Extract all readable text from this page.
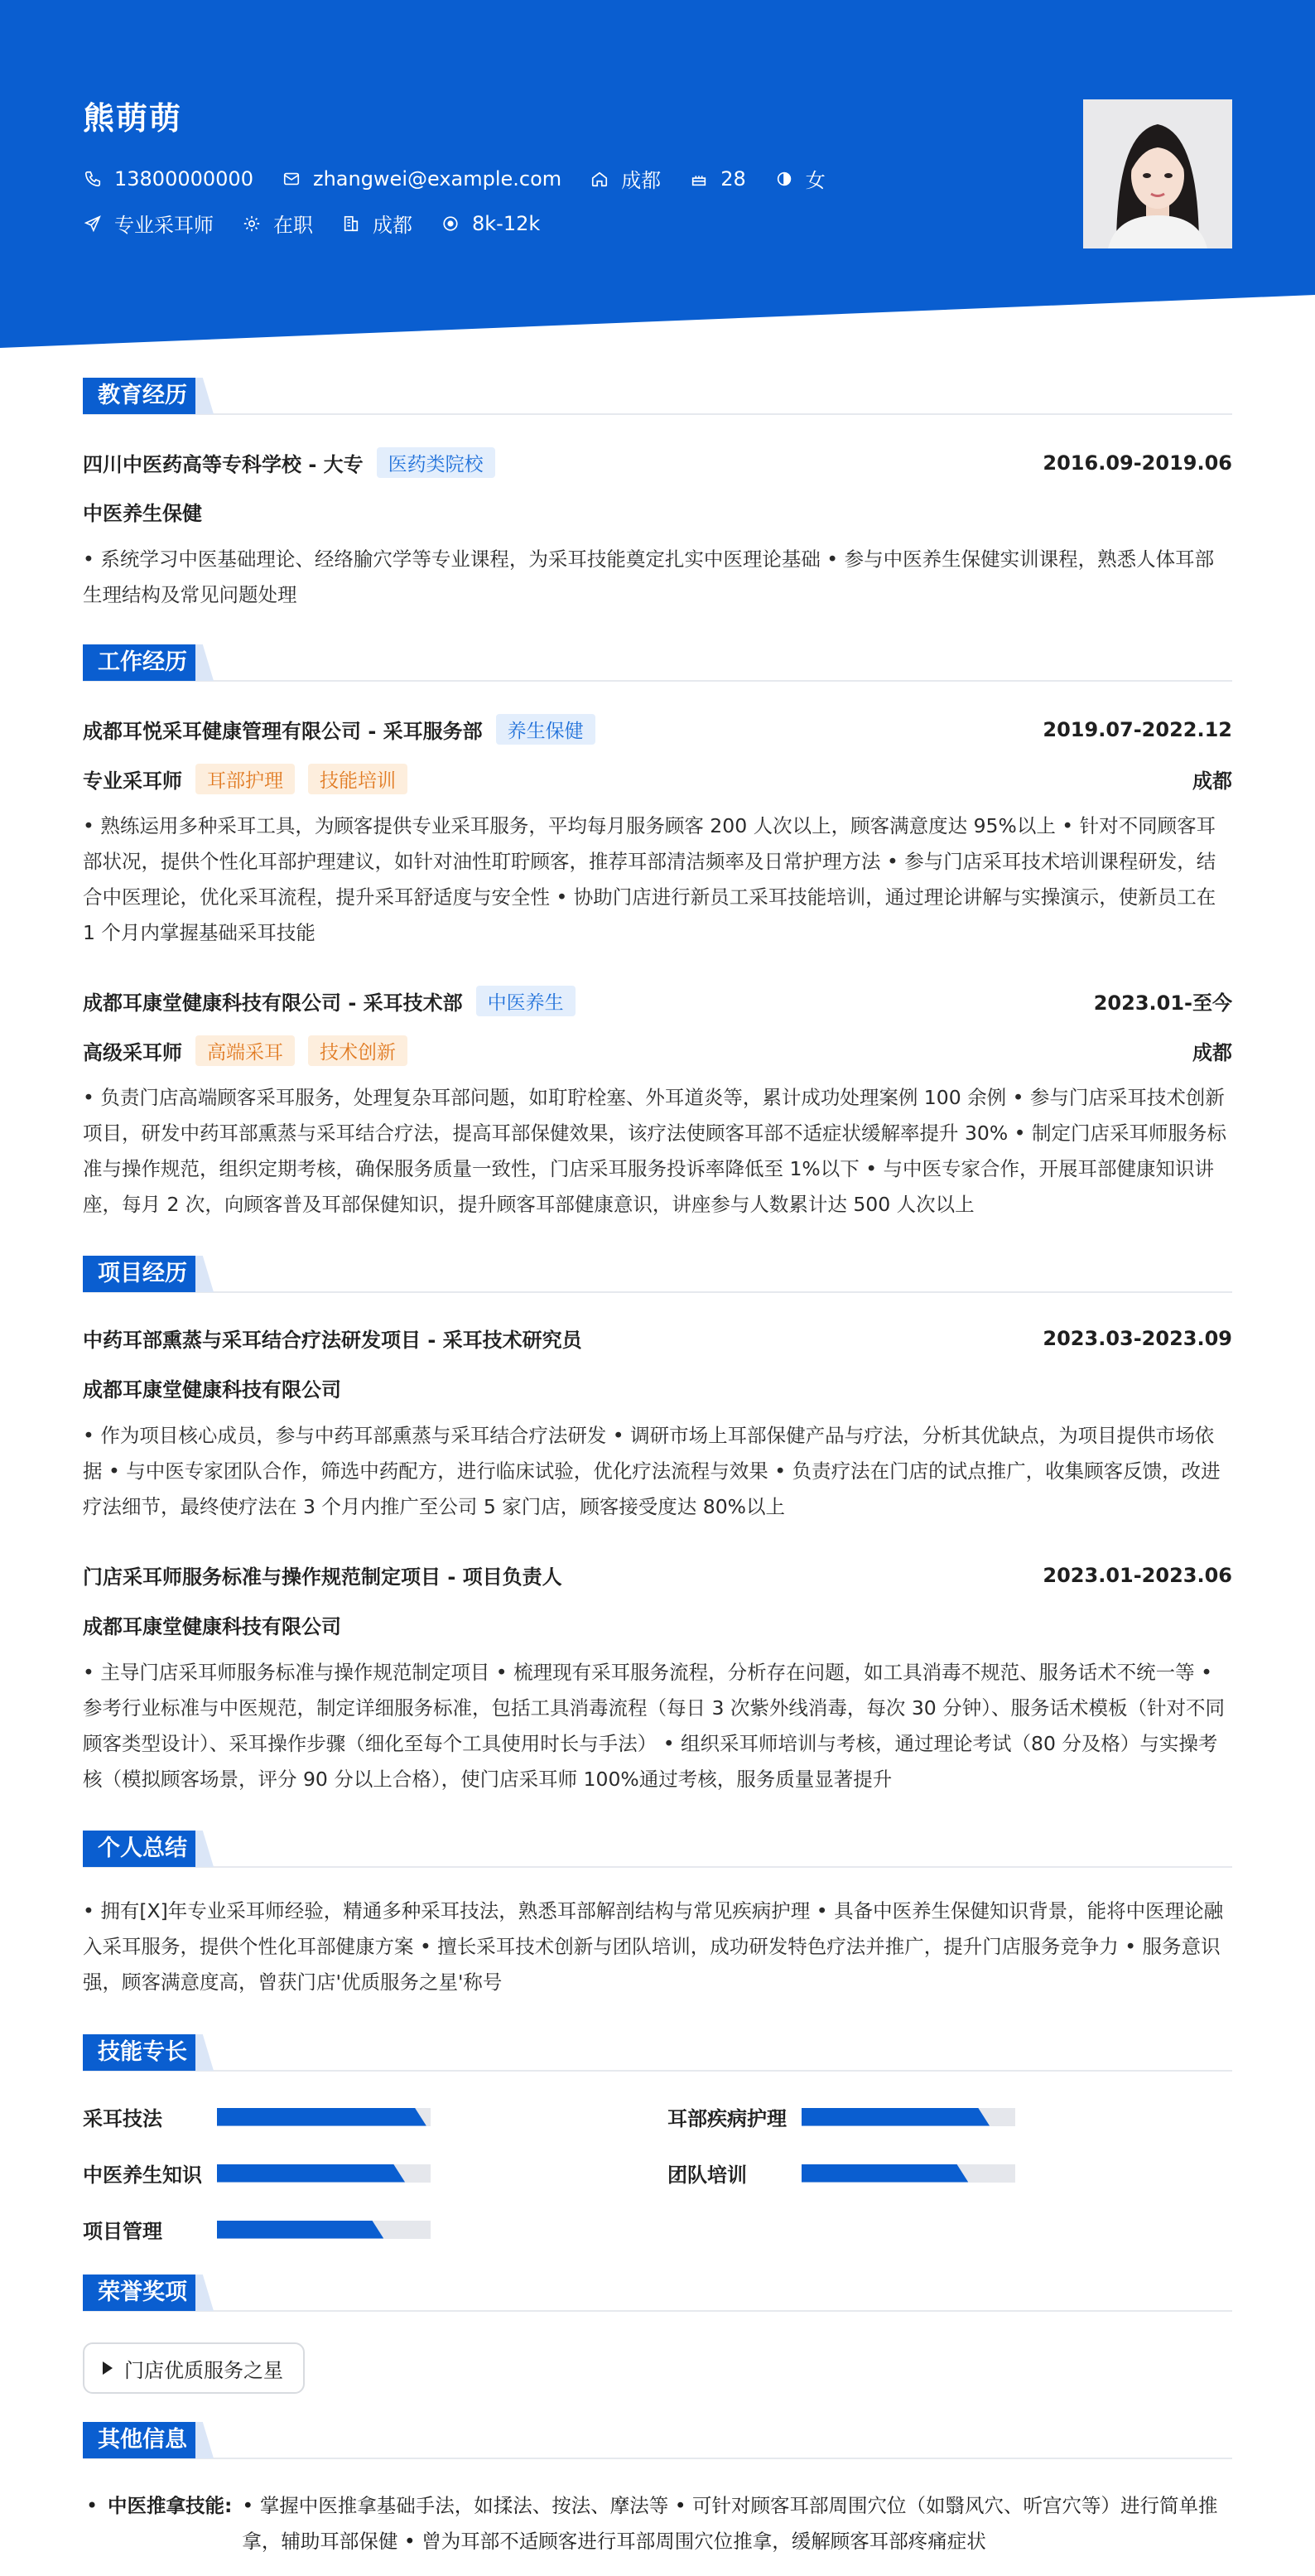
熊萌萌
13800000000	zhangwei@example.com	成都	28	女
专业采耳师	在职	成都	8k-12k
教育经历
四川中医药高等专科学校 - 大专	医药类院校	2016.09-2019.06
中医养生保健
• 系统学习中医基础理论、经络腧穴学等专业课程，为采耳技能奠定扎实中医理论基础 • 参与中医养生保健实训课程，熟悉人体耳部生理结构及常见问题处理
工作经历
成都耳悦采耳健康管理有限公司 - 采耳服务部	养生保健	2019.07-2022.12
专业采耳师	耳部护理	技能培训	成都
• 熟练运用多种采耳工具，为顾客提供专业采耳服务，平均每月服务顾客 200 人次以上，顾客满意度达 95%以上 • 针对不同顾客耳部状况，提供个性化耳部护理建议，如针对油性耵聍顾客，推荐耳部清洁频率及日常护理方法 • 参与门店采耳技术培训课程研发，结合中医理论，优化采耳流程，提升采耳舒适度与安全性 • 协助门店进行新员工采耳技能培训，通过理论讲解与实操演示，使新员工在 1 个月内掌握基础采耳技能
成都耳康堂健康科技有限公司 - 采耳技术部	中医养生	2023.01-至今
高级采耳师	高端采耳	技术创新	成都
• 负责门店高端顾客采耳服务，处理复杂耳部问题，如耵聍栓塞、外耳道炎等，累计成功处理案例 100 余例 • 参与门店采耳技术创新项目，研发中药耳部熏蒸与采耳结合疗法，提高耳部保健效果，该疗法使顾客耳部不适症状缓解率提升 30% • 制定门店采耳师服务标准与操作规范，组织定期考核，确保服务质量一致性，门店采耳服务投诉率降低至 1%以下 • 与中医专家合作，开展耳部健康知识讲座，每月 2 次，向顾客普及耳部保健知识，提升顾客耳部健康意识，讲座参与人数累计达 500 人次以上
项目经历
中药耳部熏蒸与采耳结合疗法研发项目 - 采耳技术研究员	2023.03-2023.09
成都耳康堂健康科技有限公司
• 作为项目核心成员，参与中药耳部熏蒸与采耳结合疗法研发 • 调研市场上耳部保健产品与疗法，分析其优缺点，为项目提供市场依据 • 与中医专家团队合作，筛选中药配方，进行临床试验，优化疗法流程与效果 • 负责疗法在门店的试点推广，收集顾客反馈，改进疗法细节，最终使疗法在 3 个月内推广至公司 5 家门店，顾客接受度达 80%以上
门店采耳师服务标准与操作规范制定项目 - 项目负责人	2023.01-2023.06
成都耳康堂健康科技有限公司
• 主导门店采耳师服务标准与操作规范制定项目 • 梳理现有采耳服务流程，分析存在问题，如工具消毒不规范、服务话术不统一等 • 参考行业标准与中医规范，制定详细服务标准，包括工具消毒流程（每日 3 次紫外线消毒，每次 30 分钟）、服务话术模板（针对不同顾客类型设计）、采耳操作步骤（细化至每个工具使用时长与手法） • 组织采耳师培训与考核，通过理论考试（80 分及格）与实操考核（模拟顾客场景，评分 90 分以上合格），使门店采耳师 100%通过考核，服务质量显著提升
个人总结
• 拥有[X]年专业采耳师经验，精通多种采耳技法，熟悉耳部解剖结构与常见疾病护理 • 具备中医养生保健知识背景，能将中医理论融入采耳服务，提供个性化耳部健康方案 • 擅长采耳技术创新与团队培训，成功研发特色疗法并推广，提升门店服务竞争力 • 服务意识强，顾客满意度高，曾获门店'优质服务之星'称号
技能专长
采耳技法	耳部疾病护理
中医养生知识	团队培训
项目管理
荣誉奖项
门店优质服务之星
其他信息
• 中医推拿技能: • 掌握中医推拿基础手法，如揉法、按法、摩法等 • 可针对顾客耳部周围穴位（如翳风穴、听宫穴等）进行简单推拿，辅助耳部保健 • 曾为耳部不适顾客进行耳部周围穴位推拿，缓解顾客耳部疼痛症状
